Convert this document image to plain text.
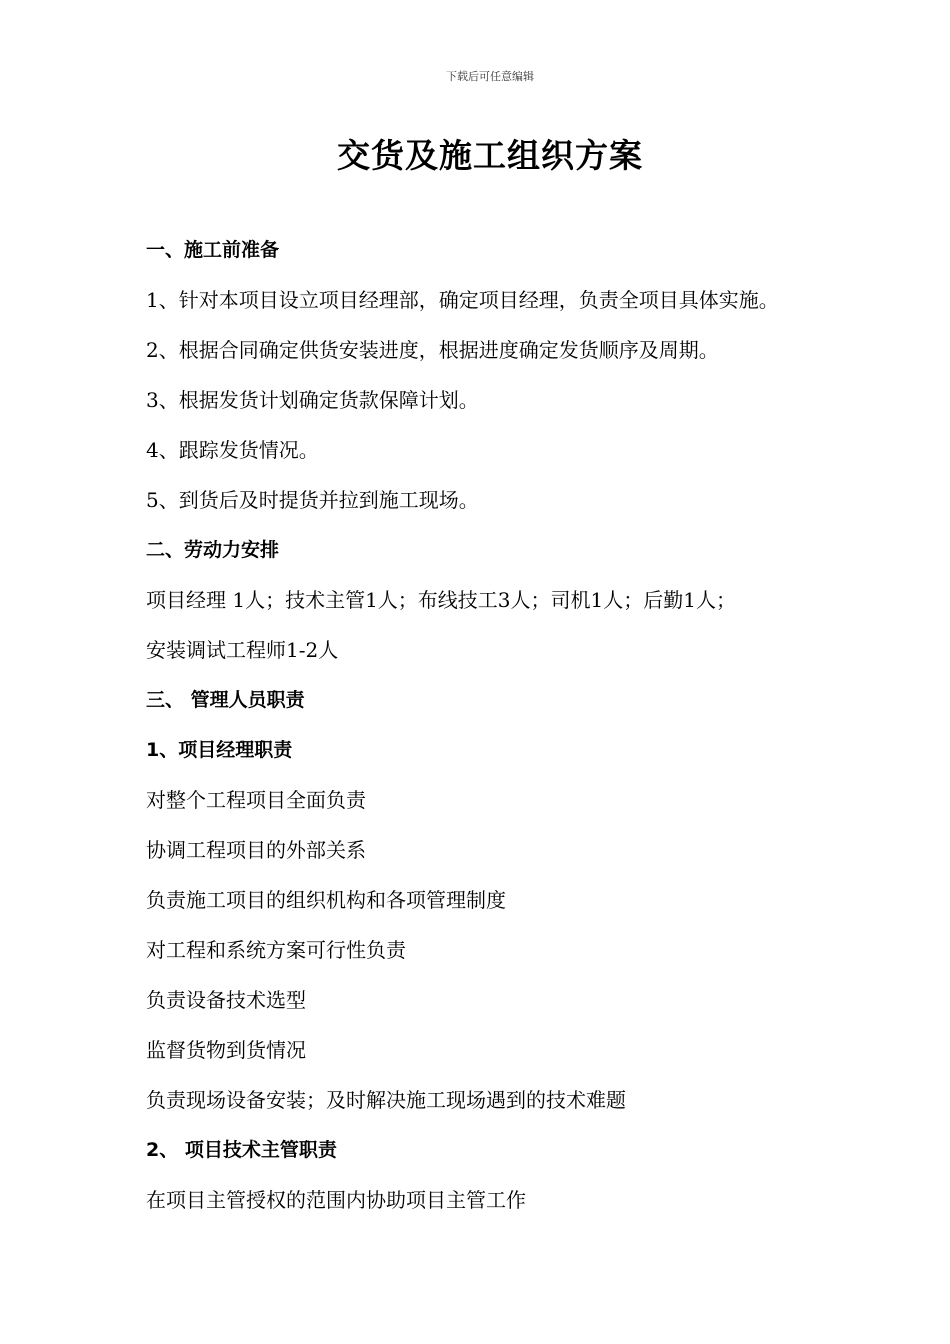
下载后可任意编辑
交货及施工组织方案
一、施工前准备
1、针对本项目设立项目经理部，确定项目经理，负责全项目具体实施。
2、根据合同确定供货安装进度，根据进度确定发货顺序及周期。
3、根据发货计划确定货款保障计划。
4、跟踪发货情况。
5、到货后及时提货并拉到施工现场。
二、劳动力安排
项目经理 1人；技术主管1人；布线技工3人；司机1人；后勤1人；
安装调试工程师1-2人
三、 管理人员职责
1、项目经理职责
对整个工程项目全面负责
协调工程项目的外部关系
负责施工项目的组织机构和各项管理制度
对工程和系统方案可行性负责
负责设备技术选型
监督货物到货情况
负责现场设备安装；及时解决施工现场遇到的技术难题
2、 项目技术主管职责
在项目主管授权的范围内协助项目主管工作
